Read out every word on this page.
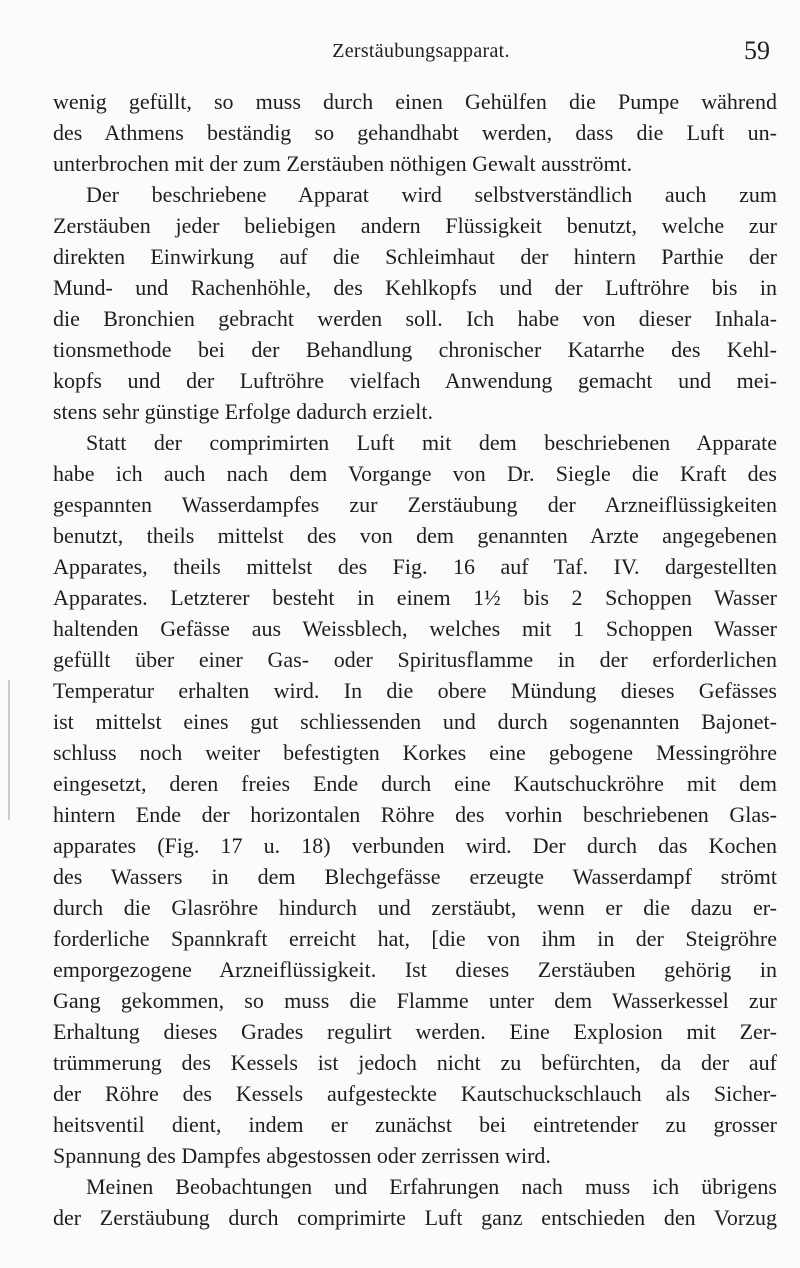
Zerstäubungsapparat.	59
wenig gefüllt, so muss durch einen Gehülfen die Pumpe während
des Athmens beständig so gehandhabt werden, dass die Luft un-
unterbrochen mit der zum Zerstäuben nöthigen Gewalt ausströmt.
Der beschriebene Apparat wird selbstverständlich auch zum
Zerstäuben jeder beliebigen andern Flüssigkeit benutzt, welche zur
direkten Einwirkung auf die Schleimhaut der hintern Parthie der
Mund- und Rachenhöhle, des Kehlkopfs und der Luftröhre bis in
die Bronchien gebracht werden soll. Ich habe von dieser Inhala-
tionsmethode bei der Behandlung chronischer Katarrhe des Kehl-
kopfs und der Luftröhre vielfach Anwendung gemacht und mei-
stens sehr günstige Erfolge dadurch erzielt.
Statt der comprimirten Luft mit dem beschriebenen Apparate
habe ich auch nach dem Vorgange von Dr. Siegle die Kraft des
gespannten Wasserdampfes zur Zerstäubung der Arzneiflüssigkeiten
benutzt, theils mittelst des von dem genannten Arzte angegebenen
Apparates, theils mittelst des Fig. 16 auf Taf. IV. dargestellten
Apparates. Letzterer besteht in einem 1½ bis 2 Schoppen Wasser
haltenden Gefässe aus Weissblech, welches mit 1 Schoppen Wasser
gefüllt über einer Gas- oder Spiritusflamme in der erforderlichen
Temperatur erhalten wird. In die obere Mündung dieses Gefässes
ist mittelst eines gut schliessenden und durch sogenannten Bajonet-
schluss noch weiter befestigten Korkes eine gebogene Messingröhre
eingesetzt, deren freies Ende durch eine Kautschuckröhre mit dem
hintern Ende der horizontalen Röhre des vorhin beschriebenen Glas-
apparates (Fig. 17 u. 18) verbunden wird. Der durch das Kochen
des Wassers in dem Blechgefässe erzeugte Wasserdampf strömt
durch die Glasröhre hindurch und zerstäubt, wenn er die dazu er-
forderliche Spannkraft erreicht hat, [die von ihm in der Steigröhre
emporgezogene Arzneiflüssigkeit. Ist dieses Zerstäuben gehörig in
Gang gekommen, so muss die Flamme unter dem Wasserkessel zur
Erhaltung dieses Grades regulirt werden. Eine Explosion mit Zer-
trümmerung des Kessels ist jedoch nicht zu befürchten, da der auf
der Röhre des Kessels aufgesteckte Kautschuckschlauch als Sicher-
heitsventil dient, indem er zunächst bei eintretender zu grosser
Spannung des Dampfes abgestossen oder zerrissen wird.
Meinen Beobachtungen und Erfahrungen nach muss ich übrigens
der Zerstäubung durch comprimirte Luft ganz entschieden den Vorzug
